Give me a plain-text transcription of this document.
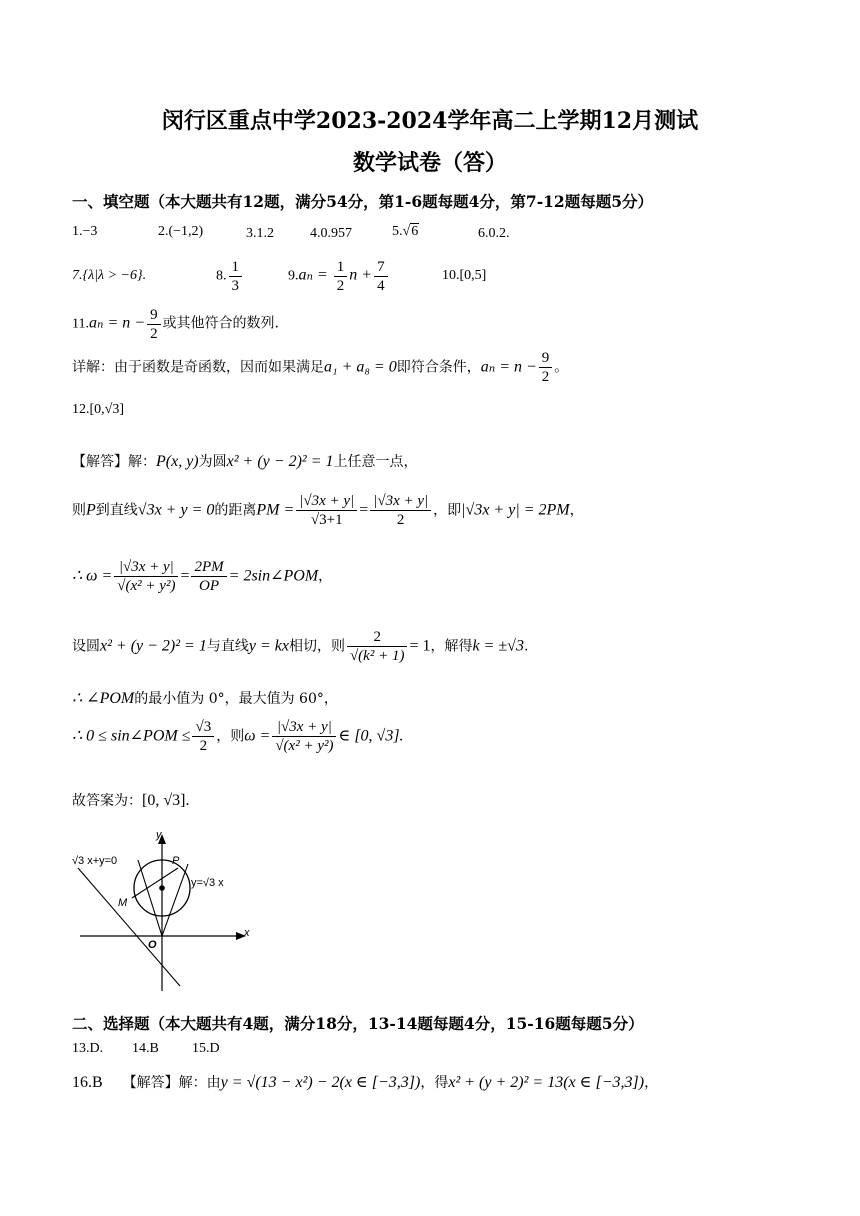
闵行区重点中学2023-2024学年高二上学期12月测试
数学试卷（答）
一、填空题（本大题共有12题，满分54分，第1-6题每题4分，第7-12题每题5分）
1.−3	2.(−1,2)	3.1.2	4.0.957	5.√6	6.0.2.
7.{λ|λ > −6}.	8. $\frac{1}{3}$	$9.a_n = \frac{1}{2}$ $n + \frac{7}{4}$	10.[0,5]
$11.a_n = n - \frac{9}{2}$ 或其他符合的数列.
详解：由于函数是奇函数，因而如果满足a₁ + a₈ = 0即符合条件，$a_n = n - \frac{9}{2}$ 。
12.[0,√3]
【解答】解：P(x, y)为圆x² + (y − 2)² = 1上任意一点，
则P到直线√3x + y = 0的距离PM = $\frac{|√3x + y|}{√3+1} = \frac{|√3x + y|}{2}$ ，即|√3x + y| = 2PM，
∴ $\omega = \frac{|√3x + y|}{\text{√(x² + y²)}} = \frac{2PM}{OP}$ = 2sin∠POM，
设圆x² + (y − 2)² = 1与直线y = kx相切，则 $\frac{2}{\text{√(k² + 1)}} = 1$，解得k = ±√3.
∴ ∠POM的最小值为 0°，最大值为 60°，
∴ 0 ≤ sin∠POM ≤ $\frac{√3}{2}$ ，则$\omega = \frac{|√3x + y|}{\text{√(x² + y²)}}$ ∈ [0, √3].
故答案为：[0, √3].
√3 x+y=0
y=√3 x
P
M
O
x
y
二、选择题（本大题共有4题，满分18分，13-14题每题4分，15-16题每题5分）
13.D. 14.B 15.D
16.B 【解答】解：由y = √(13 − x²) − 2(x ∈ [−3,3])，得x² + (y + 2)² = 13(x ∈ [−3,3])，
